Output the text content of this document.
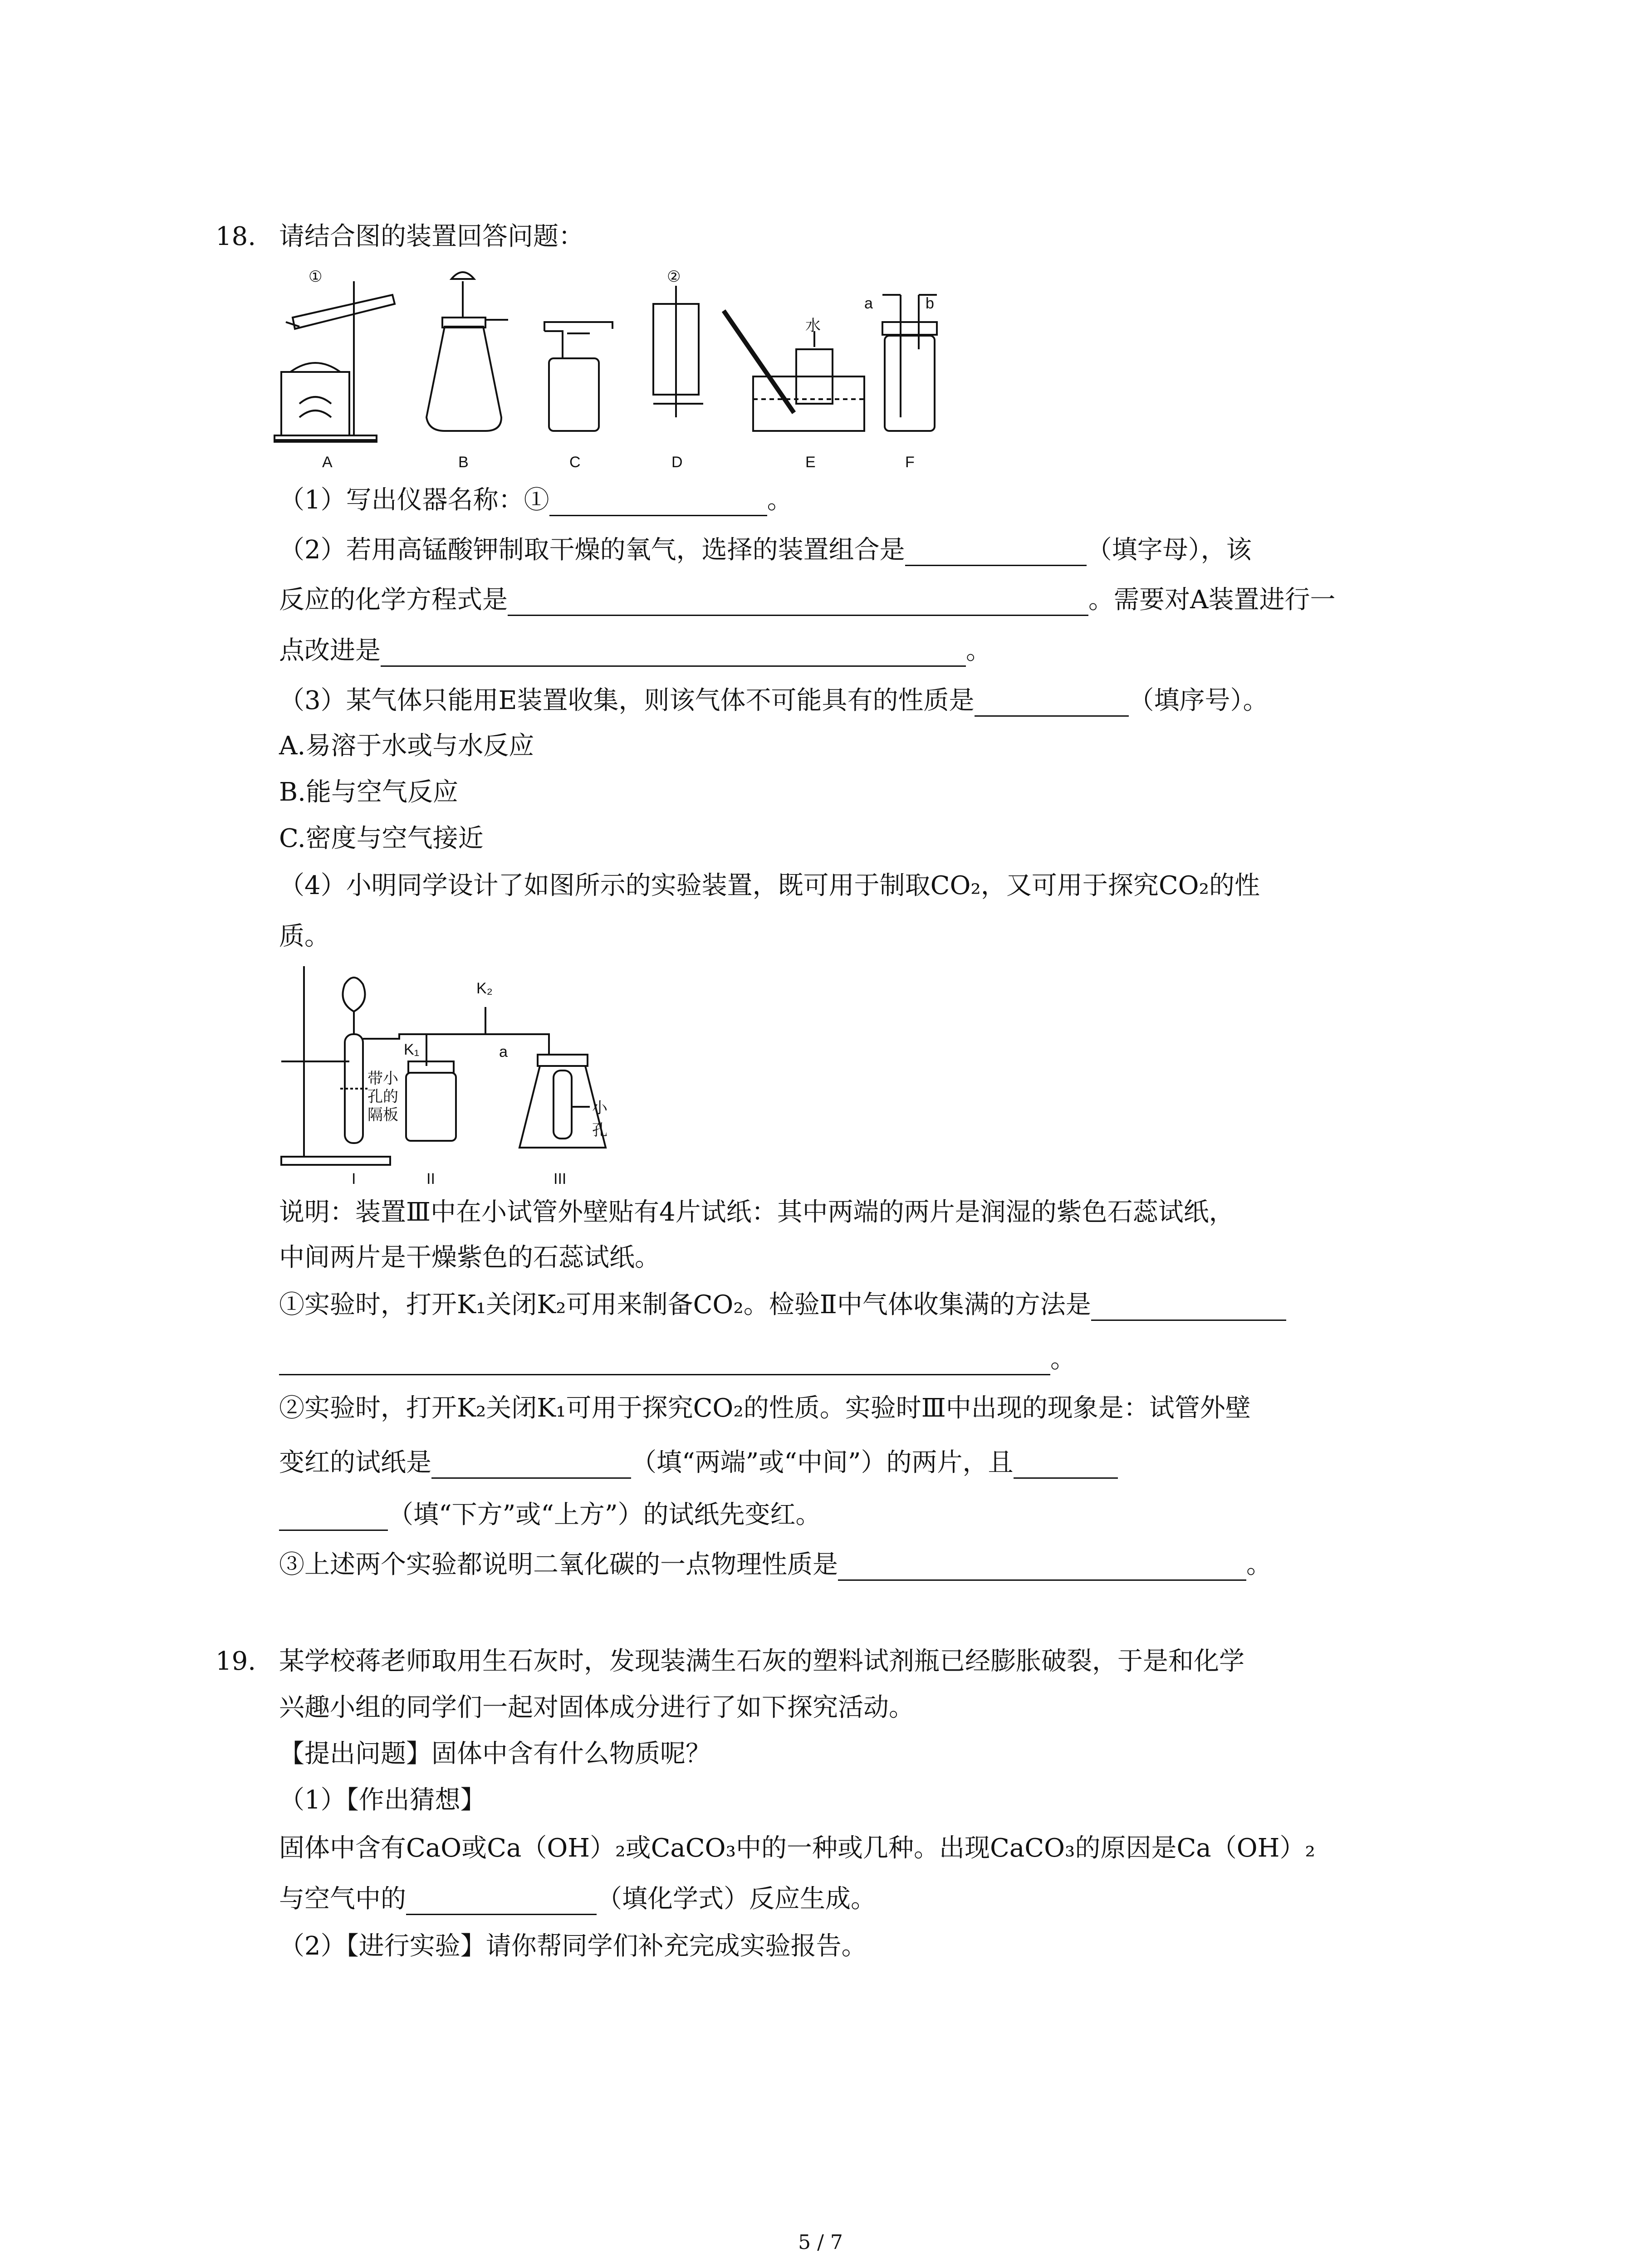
18. 请结合图的装置回答问题：
①	②
水
a	b
A	B	C	D	E	F
（1）写出仪器名称：①	。
（2）若用高锰酸钾制取干燥的氧气，选择的装置组合是	（填字母），该
反应的化学方程式是	。需要对A装置进行一
点改进是	。
（3）某气体只能用E装置收集，则该气体不可能具有的性质是	（填序号）。
A.易溶于水或与水反应
B.能与空气反应
C.密度与空气接近
（4）小明同学设计了如图所示的实验装置，既可用于制取CO₂，又可用于探究CO₂的性
质。
K₂
K₁	a
带小
孔的
隔板	小孔
I	II	III
说明：装置Ⅲ中在小试管外壁贴有4片试纸：其中两端的两片是润湿的紫色石蕊试纸，
中间两片是干燥紫色的石蕊试纸。
①实验时，打开K₁关闭K₂可用来制备CO₂。检验Ⅱ中气体收集满的方法是
。
②实验时，打开K₂关闭K₁可用于探究CO₂的性质。实验时Ⅲ中出现的现象是：试管外壁
变红的试纸是	（填“两端”或“中间”）的两片，且
（填“下方”或“上方”）的试纸先变红。
③上述两个实验都说明二氧化碳的一点物理性质是	。
19. 某学校蒋老师取用生石灰时，发现装满生石灰的塑料试剂瓶已经膨胀破裂，于是和化学
兴趣小组的同学们一起对固体成分进行了如下探究活动。
【提出问题】固体中含有什么物质呢？
（1）【作出猜想】
固体中含有CaO或Ca（OH）₂或CaCO₃中的一种或几种。出现CaCO₃的原因是Ca（OH）₂
与空气中的	（填化学式）反应生成。
（2）【进行实验】请你帮同学们补充完成实验报告。
5 / 7
